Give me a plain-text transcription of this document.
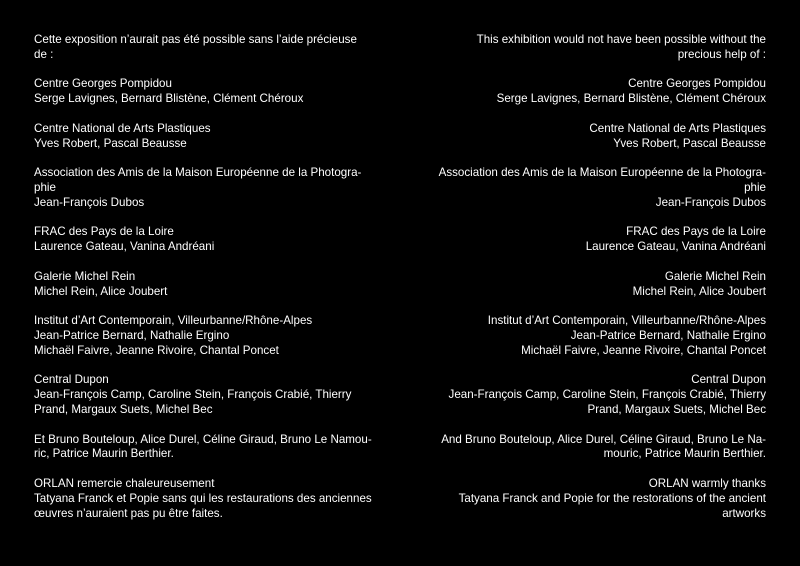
Cette exposition n’aurait pas été possible sans l’aide précieuse
de :

Centre Georges Pompidou
Serge Lavignes, Bernard Blistène, Clément Chéroux

Centre National de Arts Plastiques
Yves Robert, Pascal Beausse

Association des Amis de la Maison Européenne de la Photogra-
phie
Jean-François Dubos

FRAC des Pays de la Loire
Laurence Gateau, Vanina Andréani

Galerie Michel Rein
Michel Rein, Alice Joubert

Institut d’Art Contemporain, Villeurbanne/Rhône-Alpes
Jean-Patrice Bernard, Nathalie Ergino
Michaël Faivre, Jeanne Rivoire, Chantal Poncet

Central Dupon
Jean-François Camp, Caroline Stein, François Crabié, Thierry
Prand, Margaux Suets, Michel Bec

Et Bruno Bouteloup, Alice Durel, Céline Giraud, Bruno Le Namou-
ric, Patrice Maurin Berthier.

ORLAN remercie chaleureusement
Tatyana Franck et Popie sans qui les restaurations des anciennes
œuvres n’auraient pas pu être faites.

This exhibition would not have been possible without the
precious help of :

Centre Georges Pompidou
Serge Lavignes, Bernard Blistène, Clément Chéroux

Centre National de Arts Plastiques
Yves Robert, Pascal Beausse

Association des Amis de la Maison Européenne de la Photogra-
phie
Jean-François Dubos

FRAC des Pays de la Loire
Laurence Gateau, Vanina Andréani

Galerie Michel Rein
Michel Rein, Alice Joubert

Institut d’Art Contemporain, Villeurbanne/Rhône-Alpes
Jean-Patrice Bernard, Nathalie Ergino
Michaël Faivre, Jeanne Rivoire, Chantal Poncet

Central Dupon
Jean-François Camp, Caroline Stein, François Crabié, Thierry
Prand, Margaux Suets, Michel Bec

And Bruno Bouteloup, Alice Durel, Céline Giraud, Bruno Le Na-
mouric, Patrice Maurin Berthier.

ORLAN warmly thanks
Tatyana Franck and Popie for the restorations of the ancient
artworks
